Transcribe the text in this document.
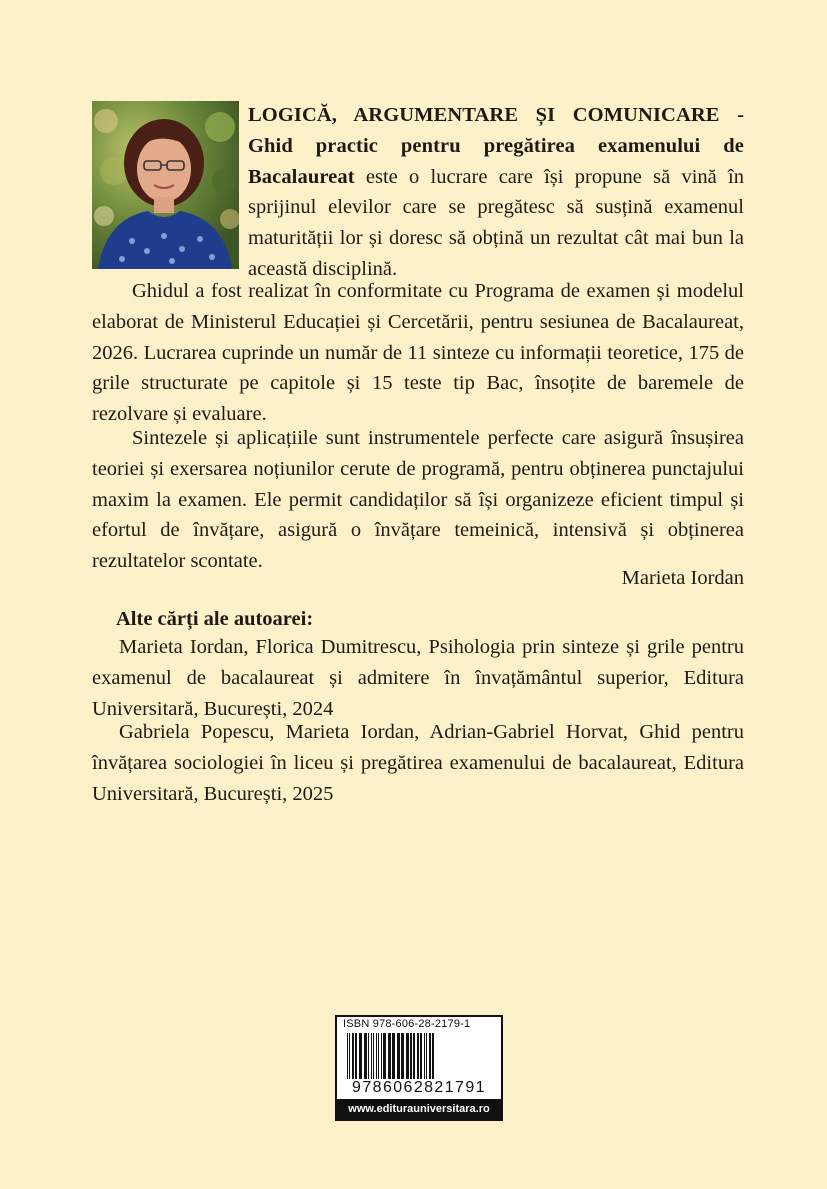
LOGICĂ, ARGUMENTARE ȘI COMUNICARE - Ghid practic pentru pregătirea examenului de Bacalaureat este o lucrare care își propune să vină în sprijinul elevilor care se pregătesc să susțină examenul maturității lor și doresc să obțină un rezultat cât mai bun la această disciplină.
Ghidul a fost realizat în conformitate cu Programa de examen și modelul elaborat de Ministerul Educației și Cercetării, pentru sesiunea de Bacalaureat, 2026. Lucrarea cuprinde un număr de 11 sinteze cu informații teoretice, 175 de grile structurate pe capitole și 15 teste tip Bac, însoțite de baremele de rezolvare și evaluare.
Sintezele și aplicațiile sunt instrumentele perfecte care asigură însușirea teoriei și exersarea noțiunilor cerute de programă, pentru obținerea punctajului maxim la examen. Ele permit candidaților să își organizeze eficient timpul și efortul de învățare, asigură o învățare temeinică, intensivă și obținerea rezultatelor scontate.
Marieta Iordan
Alte cărți ale autoarei:
Marieta Iordan, Florica Dumitrescu, Psihologia prin sinteze și grile pentru examenul de bacalaureat și admitere în învațământul superior, Editura Universitară, București, 2024
Gabriela Popescu, Marieta Iordan, Adrian-Gabriel Horvat, Ghid pentru învățarea sociologiei în liceu și pregătirea examenului de bacalaureat, Editura Universitară, București, 2025
ISBN 978-606-28-2179-1
9786062821791
www.editurauniversitara.ro
